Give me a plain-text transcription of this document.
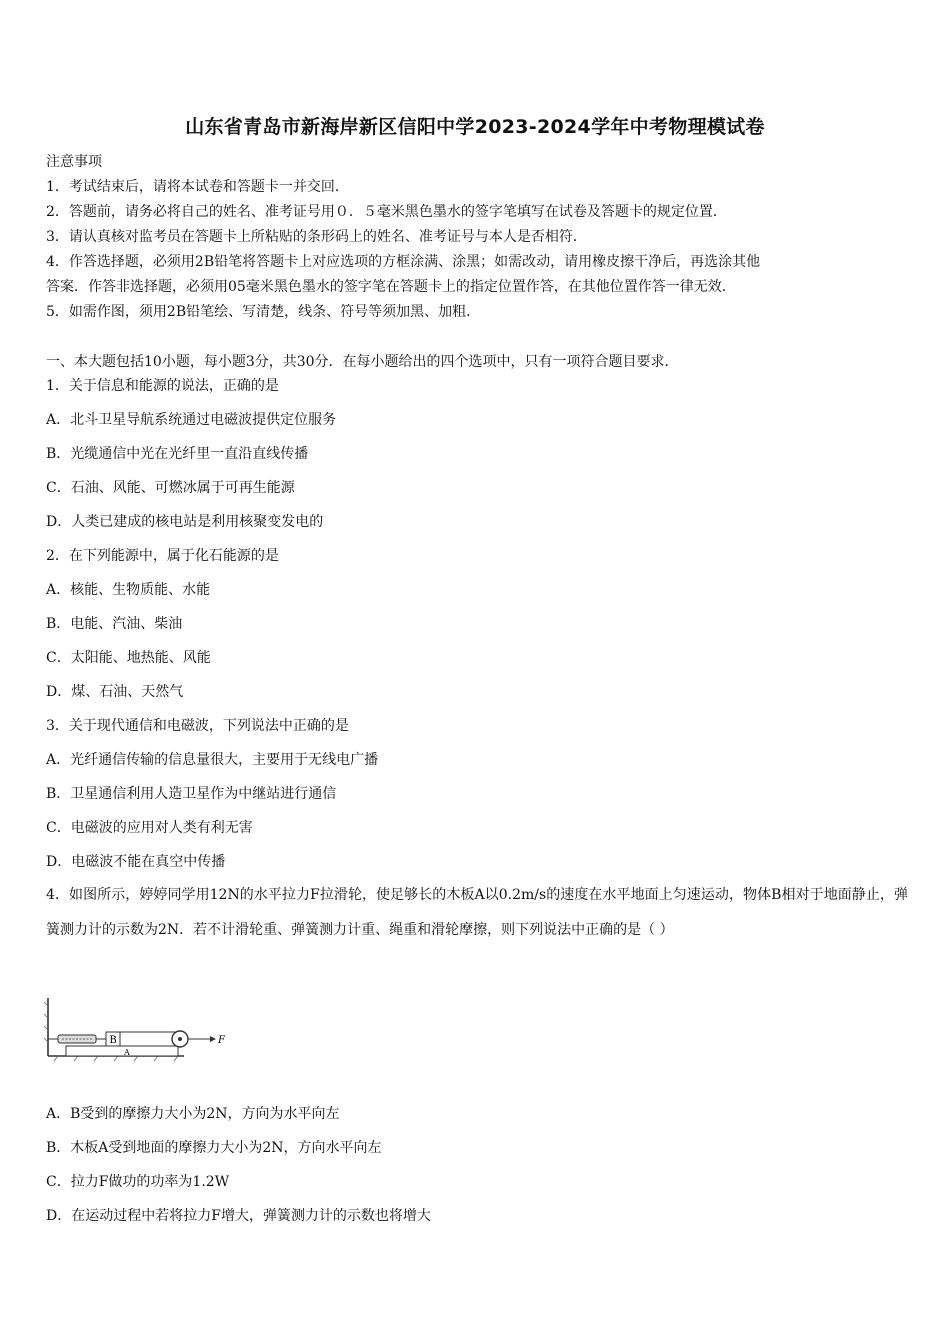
山东省青岛市新海岸新区信阳中学2023-2024学年中考物理模试卷
注意事项
1．考试结束后，请将本试卷和答题卡一并交回．
2．答题前，请务必将自己的姓名、准考证号用０．５毫米黑色墨水的签字笔填写在试卷及答题卡的规定位置．
3．请认真核对监考员在答题卡上所粘贴的条形码上的姓名、准考证号与本人是否相符．
4．作答选择题，必须用2B铅笔将答题卡上对应选项的方框涂满、涂黑；如需改动，请用橡皮擦干净后，再选涂其他
答案．作答非选择题，必须用05毫米黑色墨水的签字笔在答题卡上的指定位置作答，在其他位置作答一律无效．
5．如需作图，须用2B铅笔绘、写清楚，线条、符号等须加黑、加粗．
一、本大题包括10小题，每小题3分，共30分．在每小题给出的四个选项中，只有一项符合题目要求．
1．关于信息和能源的说法，正确的是
A．北斗卫星导航系统通过电磁波提供定位服务
B．光缆通信中光在光纤里一直沿直线传播
C．石油、风能、可燃冰属于可再生能源
D．人类已建成的核电站是利用核聚变发电的
2．在下列能源中，属于化石能源的是
A．核能、生物质能、水能
B．电能、汽油、柴油
C．太阳能、地热能、风能
D．煤、石油、天然气
3．关于现代通信和电磁波，下列说法中正确的是
A．光纤通信传输的信息量很大，主要用于无线电广播
B．卫星通信利用人造卫星作为中继站进行通信
C．电磁波的应用对人类有利无害
D．电磁波不能在真空中传播
4．如图所示，婷婷同学用12N的水平拉力F拉滑轮，使足够长的木板A以0.2m/s的速度在水平地面上匀速运动，物体B相对于地面静止，弹簧测力计的示数为2N．若不计滑轮重、弹簧测力计重、绳重和滑轮摩擦，则下列说法中正确的是（ ）
B	F
A
A．B受到的摩擦力大小为2N，方向为水平向左
B．木板A受到地面的摩擦力大小为2N，方向水平向左
C．拉力F做功的功率为1.2W
D．在运动过程中若将拉力F增大，弹簧测力计的示数也将增大
